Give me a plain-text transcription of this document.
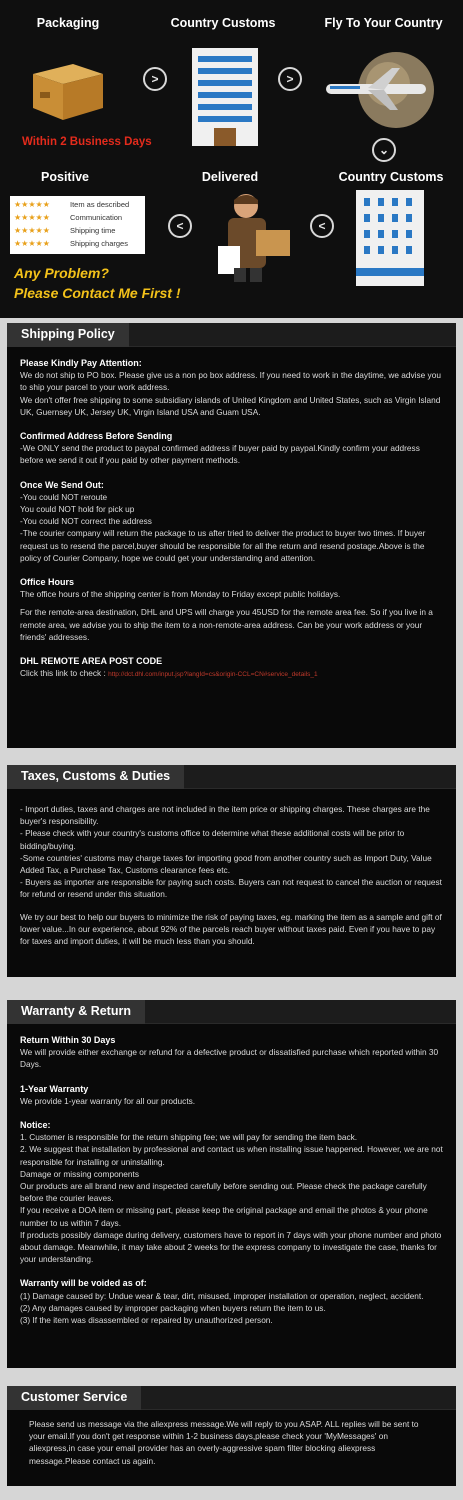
Packaging	Country Customs	Fly To Your Country
Within 2 Business Days
>	>
⌄
Positive	Delivered	Country Customs
★★★★★	Item as described
★★★★★	Communication
★★★★★	Shipping time
★★★★★	Shipping charges
<	<
Any Problem?
Please Contact Me First !
Shipping Policy
Please Kindly Pay Attention:
We do not ship to PO box. Please give us a non po box address. If you need to work in the daytime, we advise you to ship your parcel to your work address.
We don't offer free shipping to some subsidiary islands of United Kingdom and United States, such as Virgin Island UK, Guernsey UK, Jersey UK, Virgin Island USA and Guam USA.
Confirmed Address Before Sending
-We ONLY send the product to paypal confirmed address if buyer paid by paypal.Kindly confirm your address before we send it out if you paid by other payment methods.
Once We Send Out:
-You could NOT reroute
You could NOT hold for pick up
-You could NOT correct the address
-The courier company will return the package to us after tried to deliver the product to buyer two times. If buyer request us to resend the parcel,buyer should be responsible for all the return and resend postage.Above is the policy of Courier Company, hope we could get your understanding and attention.
Office Hours
The office hours of the shipping center is from Monday to Friday except public holidays.
For the remote-area destination, DHL and UPS will charge you 45USD for the remote area fee. So if you live in a remote area, we advise you to ship the item to a non-remote-area address. Can be your work address or your friends' addresses.
DHL REMOTE AREA POST CODE
Click this link to check : http://dct.dhl.com/input.jsp?langId=cs&origin-CCL=CN#service_details_1
Taxes, Customs & Duties
- Import duties, taxes and charges are not included in the item price or shipping charges. These charges are the buyer's responsibility.
- Please check with your country's customs office to determine what these additional costs will be prior to bidding/buying.
-Some countries' customs may charge taxes for importing good from another country such as Import Duty, Value Added Tax, a Purchase Tax, Customs clearance fees etc.
- Buyers as importer are responsible for paying such costs. Buyers can not request to cancel the auction or request for refund or resend under this situation.
We try our best to help our buyers to minimize the risk of paying taxes, eg. marking the item as a sample and gift of lower value...In our experience, about 92% of the parcels reach buyer without taxes paid. Even if you have to pay for taxes and import duties, it will be much less than you should.
Warranty & Return
Return Within 30 Days
We will provide either exchange or refund for a defective product or dissatisfied purchase which reported within 30 Days.
1-Year Warranty
We provide 1-year warranty for all our products.
Notice:
1. Customer is responsible for the return shipping fee; we will pay for sending the item back.
2. We suggest that installation by professional and contact us when installing issue happened. However, we are not responsible for installing or uninstalling.
Damage or missing components
Our products are all brand new and inspected carefully before sending out. Please check the package carefully before the courier leaves.
If you receive a DOA item or missing part, please keep the original package and email the photos & your phone number to us within 7 days.
If products possibly damage during delivery, customers have to report in 7 days with your phone number and photo about damage. Meanwhile, it may take about 2 weeks for the express company to investigate the case, thanks for your understanding.
Warranty will be voided as of:
(1) Damage caused by: Undue wear & tear, dirt, misused, improper installation or operation, neglect, accident.
(2) Any damages caused by improper packaging when buyers return the item to us.
(3) If the item was disassembled or repaired by unauthorized person.
Customer Service
Please send us message via the aliexpress message.We will reply to you ASAP. ALL replies will be sent to your email.If you don't get response within 1-2 business days,please check your 'MyMessages' on aliexpress,in case your email provider has an overly-aggressive spam filter blocking aliexpress message.Please contact us again.
